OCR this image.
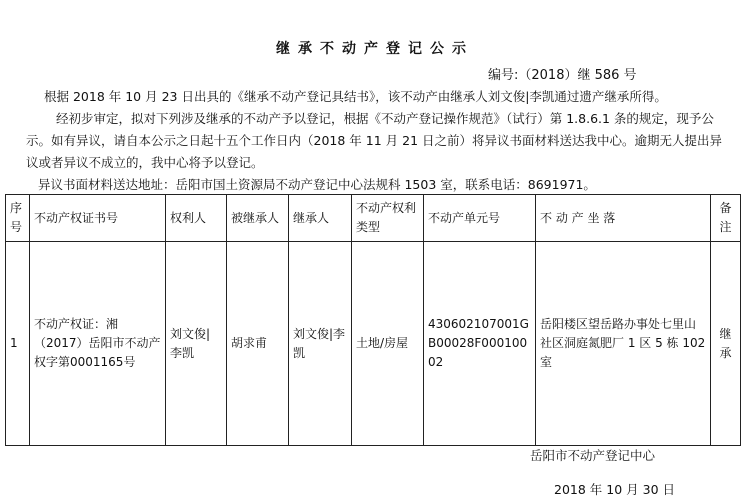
继承不动产登记公示
编号:（2018）继 586 号
根据 2018 年 10 月 23 日出具的《继承不动产登记具结书》，该不动产由继承人刘文俊|李凯通过遗产继承所得。
经初步审定，拟对下列涉及继承的不动产予以登记，根据《不动产登记操作规范》（试行）第 1.8.6.1 条的规定，现予公示。如有异议，请自本公示之日起十五个工作日内（2018 年 11 月 21 日之前）将异议书面材料送达我中心。逾期无人提出异议或者异议不成立的，我中心将予以登记。
异议书面材料送达地址：岳阳市国土资源局不动产登记中心法规科 1503 室，联系电话：8691971。
序号	不动产权证书号	权利人	被继承人	继承人	不动产权利类型	不动产单元号	不 动 产 坐 落	备注
1	不动产权证：湘（2017）岳阳市不动产权字第0001165号	刘文俊|李凯	胡求甫	刘文俊|李凯	土地/房屋	430602107001GB00028F00010002	岳阳楼区望岳路办事处七里山社区洞庭氮肥厂 1 区 5 栋 102 室	继承
岳阳市不动产登记中心
2018 年 10 月 30 日
